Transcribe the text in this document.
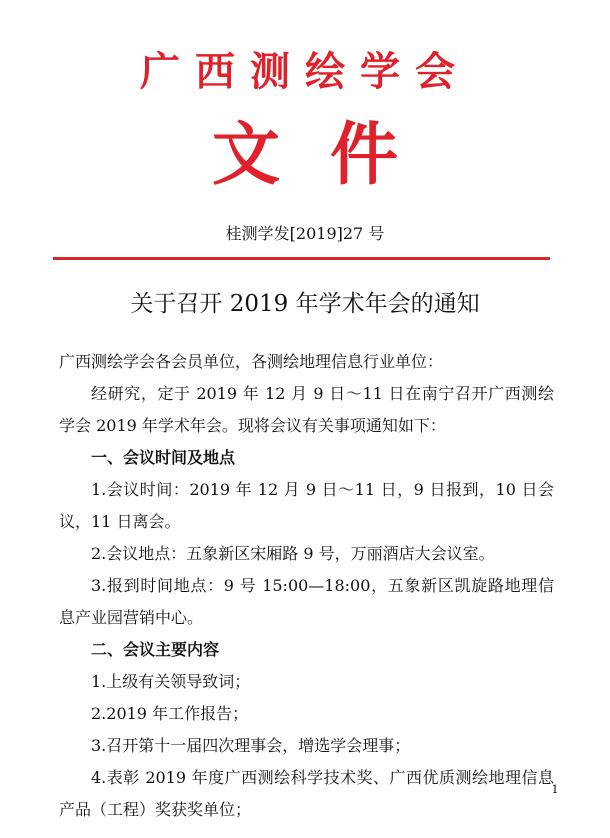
广西测绘学会
文件
桂测学发[2019]27 号
关于召开 2019 年学术年会的通知

广西测绘学会各会员单位，各测绘地理信息行业单位：

经研究，定于 2019 年 12 月 9 日～11 日在南宁召开广西测绘学会 2019 年学术年会。现将会议有关事项通知如下：

一、会议时间及地点

1.会议时间：2019 年 12 月 9 日～11 日，9 日报到，10 日会议，11 日离会。

2.会议地点：五象新区宋厢路 9 号，万丽酒店大会议室。

3.报到时间地点：9 号 15:00—18:00，五象新区凯旋路地理信息产业园营销中心。

二、会议主要内容

1.上级有关领导致词；

2.2019 年工作报告；

3.召开第十一届四次理事会，增选学会理事；

4.表彰 2019 年度广西测绘科学技术奖、广西优质测绘地理信息产品（工程）奖获奖单位；

1
